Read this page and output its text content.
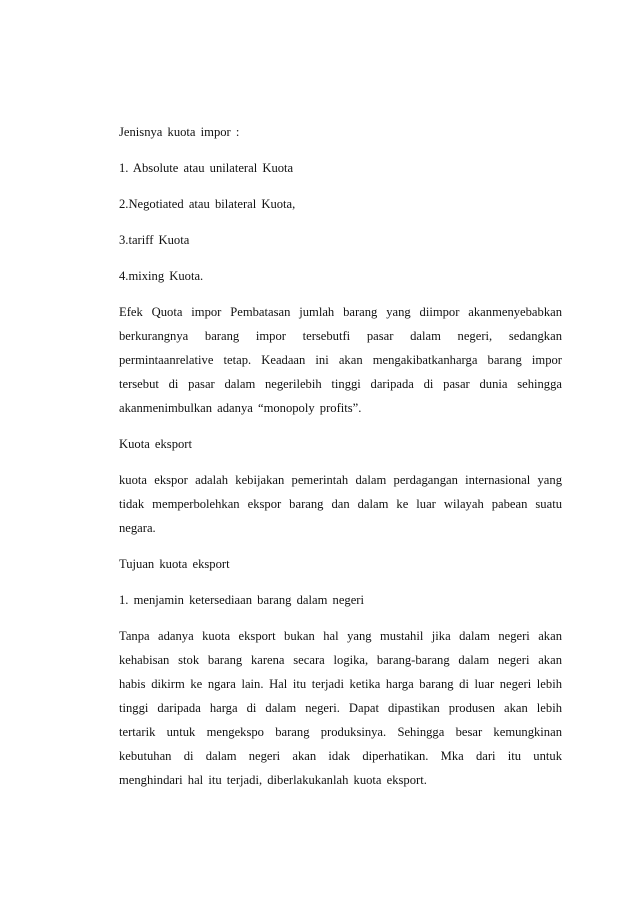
Jenisnya kuota impor :
1. Absolute atau unilateral Kuota
2.Negotiated atau bilateral Kuota,
3.tariff Kuota
4.mixing Kuota.
Efek Quota impor Pembatasan jumlah barang yang diimpor akanmenyebabkan
berkurangnya barang impor tersebutfi pasar dalam negeri, sedangkan
permintaanrelative tetap. Keadaan ini akan mengakibatkanharga barang impor
tersebut di pasar dalam negerilebih tinggi daripada di pasar dunia sehingga
akanmenimbulkan adanya “monopoly profits”.
Kuota eksport
kuota ekspor adalah kebijakan pemerintah dalam perdagangan internasional yang
tidak memperbolehkan ekspor barang dan dalam ke luar wilayah pabean suatu
negara.
Tujuan kuota eksport
1. menjamin ketersediaan barang dalam negeri
Tanpa adanya kuota eksport bukan hal yang mustahil jika dalam negeri akan
kehabisan stok barang karena secara logika, barang-barang dalam negeri akan
habis dikirm ke ngara lain. Hal itu terjadi ketika harga barang di luar negeri lebih
tinggi daripada harga di dalam negeri. Dapat dipastikan produsen akan lebih
tertarik untuk mengekspo barang produksinya. Sehingga besar kemungkinan
kebutuhan di dalam negeri akan idak diperhatikan. Mka dari itu untuk
menghindari hal itu terjadi, diberlakukanlah kuota eksport.
